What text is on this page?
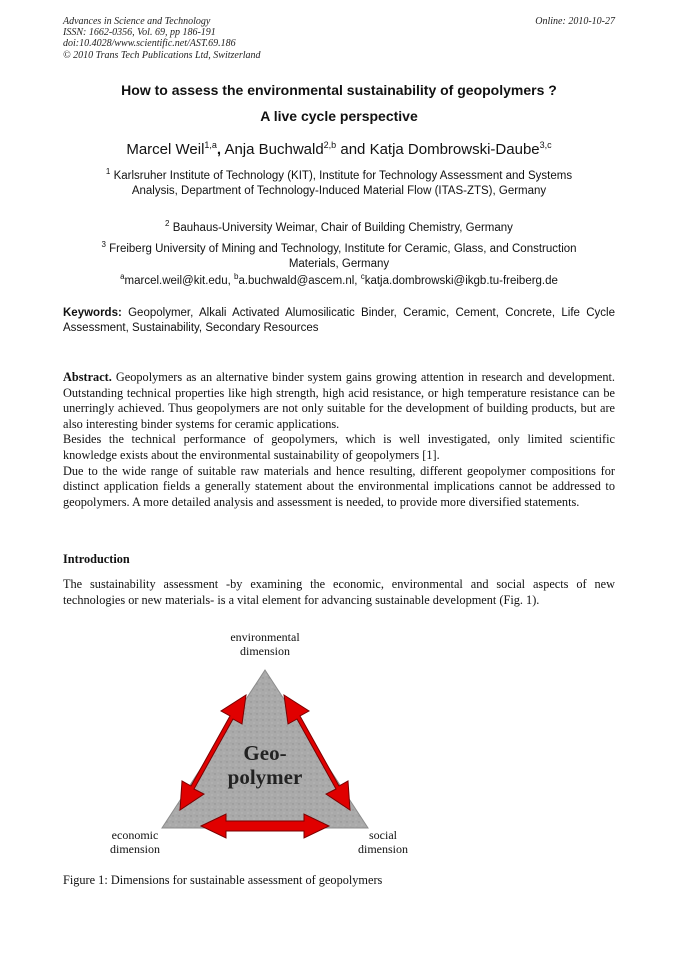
Advances in Science and Technology
ISSN: 1662-0356, Vol. 69, pp 186-191
doi:10.4028/www.scientific.net/AST.69.186
© 2010 Trans Tech Publications Ltd, Switzerland
Online: 2010-10-27
How to assess the environmental sustainability of geopolymers ?
A live cycle perspective
Marcel Weil$^{1,a}$, Anja Buchwald$^{2,b}$ and Katja Dombrowski-Daube$^{3,c}$
$^1$ Karlsruher Institute of Technology (KIT), Institute for Technology Assessment and Systems Analysis, Department of Technology-Induced Material Flow (ITAS-ZTS), Germany
$^2$ Bauhaus-University Weimar, Chair of Building Chemistry, Germany
$^3$ Freiberg University of Mining and Technology, Institute for Ceramic, Glass, and Construction Materials, Germany
$^a$marcel.weil@kit.edu, $^b$a.buchwald@ascem.nl, $^c$katja.dombrowski@ikgb.tu-freiberg.de
Keywords: Geopolymer, Alkali Activated Alumosilicatic Binder, Ceramic, Cement, Concrete, Life Cycle Assessment, Sustainability, Secondary Resources

Abstract. Geopolymers as an alternative binder system gains growing attention in research and development. Outstanding technical properties like high strength, high acid resistance, or high temperature resistance can be unerringly achieved. Thus geopolymers are not only suitable for the development of building products, but are also interesting binder systems for ceramic applications.

Besides the technical performance of geopolymers, which is well investigated, only limited scientific knowledge exists about the environmental sustainability of geopolymers [1].

Due to the wide range of suitable raw materials and hence resulting, different geopolymer compositions for distinct application fields a generally statement about the environmental implications cannot be addressed to geopolymers. A more detailed analysis and assessment is needed, to provide more diversified statements.

Introduction
The sustainability assessment -by examining the economic, environmental and social aspects of new technologies or new materials- is a vital element for advancing sustainable development (Fig. 1).
environmental
dimension
economic
dimension
social
dimension
Geo-
polymer
Figure 1: Dimensions for sustainable assessment of geopolymers
